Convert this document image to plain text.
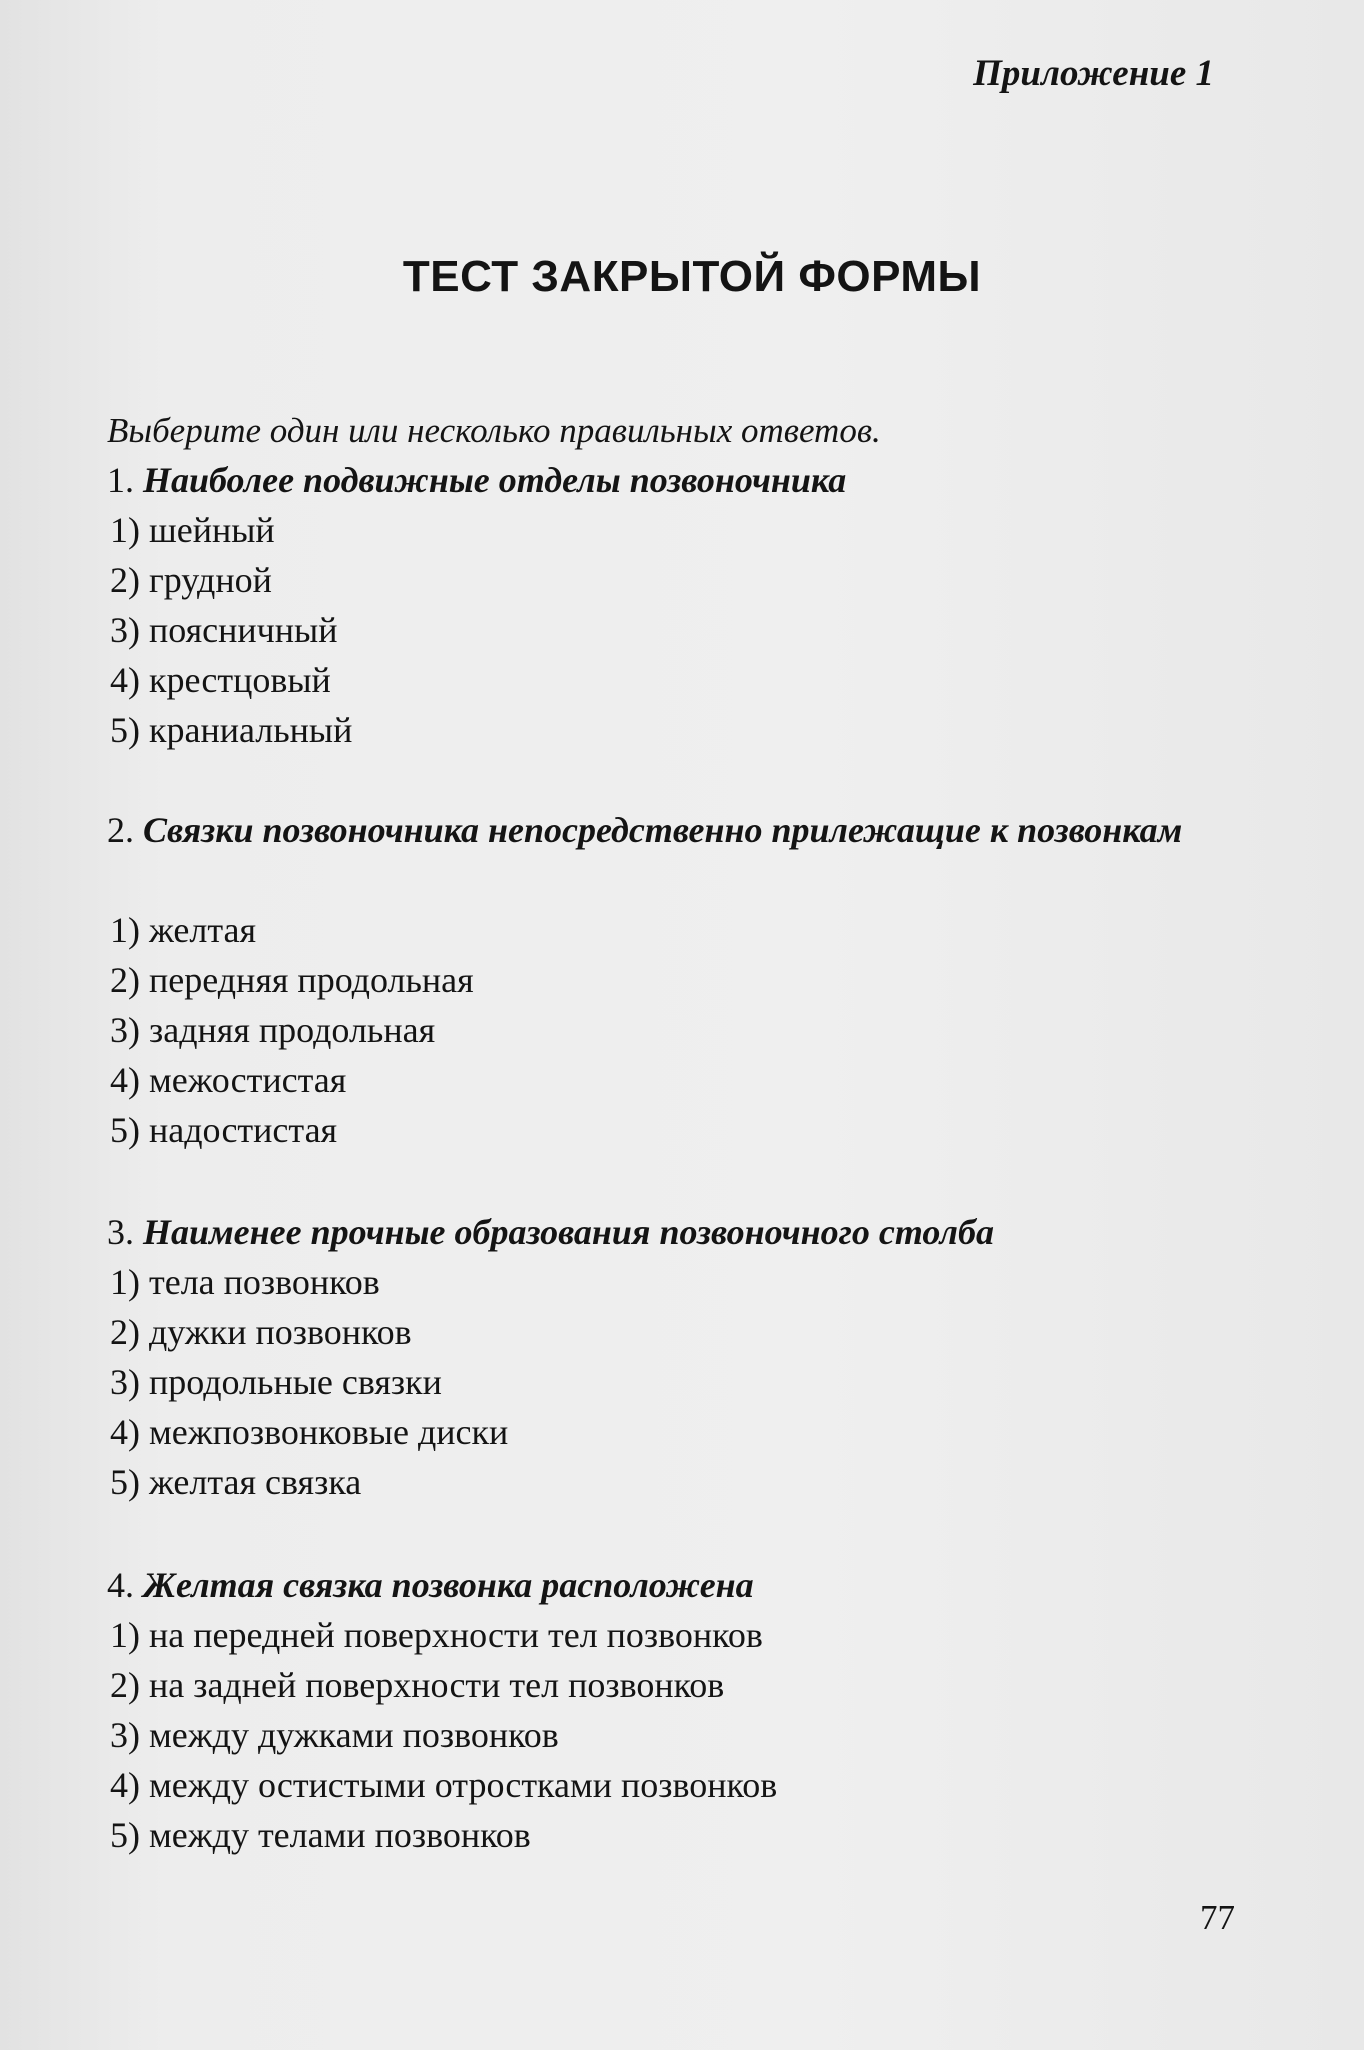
Приложение 1
ТЕСТ ЗАКРЫТОЙ ФОРМЫ
Выберите один или несколько правильных ответов.
1. Наиболее подвижные отделы позвоночника
1) шейный
2) грудной
3) поясничный
4) крестцовый
5) краниальный
2. Связки позвоночника непосредственно прилежащие к позвонкам
1) желтая
2) передняя продольная
3) задняя продольная
4) межостистая
5) надостистая
3. Наименее прочные образования позвоночного столба
1) тела позвонков
2) дужки позвонков
3) продольные связки
4) межпозвонковые диски
5) желтая связка
4. Желтая связка позвонка расположена
1) на передней поверхности тел позвонков
2) на задней поверхности тел позвонков
3) между дужками позвонков
4) между остистыми отростками позвонков
5) между телами позвонков
77
